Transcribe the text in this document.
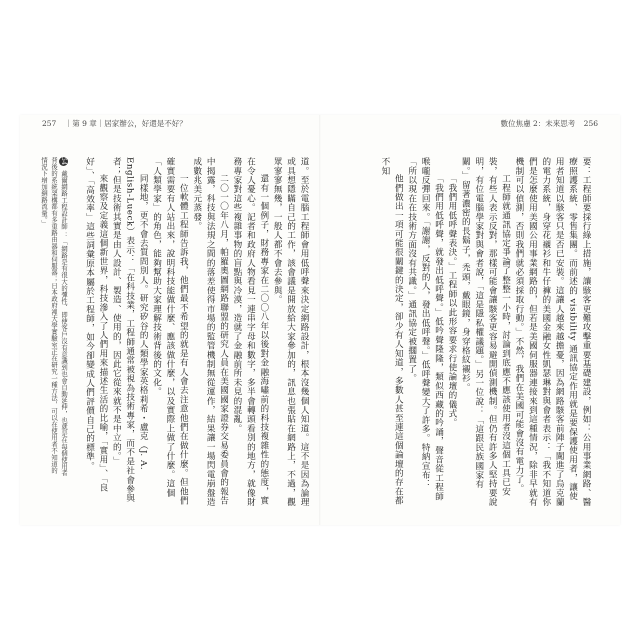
257 ｜第 9 章｜居家辦公，好還是不好？
54 戴爾網路工程設計師 ：「網路是有很大的彈性、即使客戶沒有意識到也會自動延伸，也就是在每個使用者背後的系統架構都有多重路由器和伺服器；日本政府裡大學實驗室正在研究一種方法，可以在使用者不知道的情況下增加網路流量。」	道。至於電腦工程師會用低呼聲來決定網路設計，根本沒幾個人知道。這不是因為論理或具想隱瞞自己的工作，該會議是開放給大家參加的，訊息也張貼在網路上，不過，觀眾寥寥無幾，一般人都不會去參與。

還有一個例子，財務專家在二〇〇八年以後對金融海嘯前的科技複雜性的態度，實在令人憂心。記者和政府人物看見一連串字母和數字，多半會轉頭看別的地方，就像財務專家對這些複雜事物的盲點與冷漠，造就了金融前所未見的混亂。

二〇一〇年八月，帕羅奧圖網路聯盟的研究人員在美國國家證券交易委員會的報告中揭露，科技與法規之間的落差使得市場的監管機制無從運作，結果讓一場閃電崩盤造成數兆美元蒸發。

一位軟體工程師告訴我，他們最不希望的就是有人會去注意他們在做什麼。但他們確實需要有人站出來，說明科技能做什麼、應該做什麼，以及實際上做了什麼。這個「人類學家」的角色，能夠幫助大家理解技術背後的文化。

同樣地，更不會去質問別人。研究矽谷的人類學家英格莉希・盧克（J. A. English-Lueck）表示：「在科技業，工程師通常被視為技術專家，而不是社會參與者；但是技術其實是由人設計、製造、使用的，因此它從來就不是中立的。」

來觀察及定義這個新世界，科技滲入了人們用來描述生活的比喻，「實用」、「良好」、「高效率」這些詞彙原本屬於工程師，如今卻變成人們評價自己的標準。

數位焦慮 2：未來思考 256

要：工程師要採行綠上措施，讓駭客更難攻擊重要基礎建設，例如：公用事業網路、醫療照護系統、零售集團。而前述的 visibility 通訊協定作用就是要保護使用者，讓使用者知道以駭客只是否已安裝。這讓人越來越擔憂，因為網路駭客前陣子闖進了烏克蘭的電力系統，身穿花襯衫和牛仔褲的美國金融女性凱瑟琳對與會者表示：「我不知道你們是怎麼使用美國公用事業網路的，但若是美國伺服器連接來到這種情況，除非早就有機制可以偵測，否則我們就必須採取行動。」不然，我們在美國可能會沒有電力了。

工程師就通訊協定爭論了整整一小時，討論到底應不應該使用者沒這個工具已安裝，有些人表示反對，那樣可能會讓駭客更容易避開偵測機制。但仍有許多人堅持要說明，有位電腦學家對與會者說，「這是隱私權議題。」另一位說：「這跟民族國家有關。」留著濃密的長鬍子，禿頭，戴眼鏡，身穿格紋襯衫。

「我們用低呼聲表決。」工程師以此形容要求行使論壇的儀式。

「我們用低呼聲，就發出低呼聲。」低吟聲隆隆，類似西藏的吟誦，聲音從工程師喉嚨反彈回來。「謝謝，反對的人，發出低呼聲。」低呼聲變大了許多。特納宣布：「所以現在在技術方面沒有共識。」通訊協定被擱置了。

他們做出一項可能很關鍵的決定，卻少有人知道，多數人甚至連這個論壇的存在都不知
